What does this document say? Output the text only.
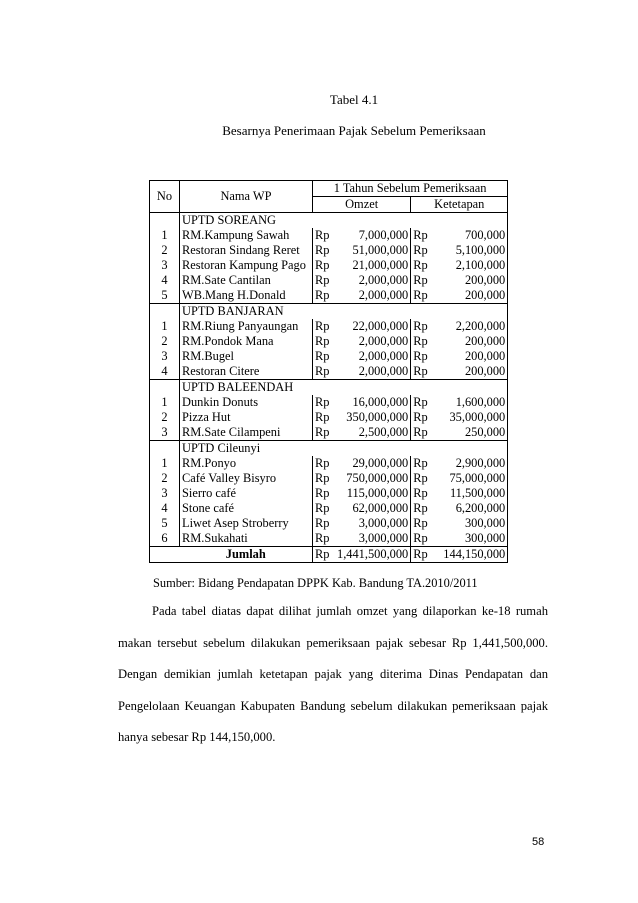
Tabel 4.1
Besarnya Penerimaan Pajak Sebelum Pemeriksaan
No	Nama WP	1 Tahun Sebelum Pemeriksaan			
		Omzet		Ketetapan	
	UPTD SOREANG				
1	RM.Kampung Sawah	Rp	7,000,000	Rp	700,000
2	Restoran Sindang Reret	Rp	51,000,000	Rp	5,100,000
3	Restoran Kampung Pago	Rp	21,000,000	Rp	2,100,000
4	RM.Sate Cantilan	Rp	2,000,000	Rp	200,000
5	WB.Mang H.Donald	Rp	2,000,000	Rp	200,000
	UPTD BANJARAN				
1	RM.Riung Panyaungan	Rp	22,000,000	Rp	2,200,000
2	RM.Pondok Mana	Rp	2,000,000	Rp	200,000
3	RM.Bugel	Rp	2,000,000	Rp	200,000
4	Restoran Citere	Rp	2,000,000	Rp	200,000
	UPTD BALEENDAH				
1	Dunkin Donuts	Rp	16,000,000	Rp	1,600,000
2	Pizza Hut	Rp	350,000,000	Rp	35,000,000
3	RM.Sate Cilampeni	Rp	2,500,000	Rp	250,000
	UPTD Cileunyi				
1	RM.Ponyo	Rp	29,000,000	Rp	2,900,000
2	Café Valley Bisyro	Rp	750,000,000	Rp	75,000,000
3	Sierro café	Rp	115,000,000	Rp	11,500,000
4	Stone café	Rp	62,000,000	Rp	6,200,000
5	Liwet Asep Stroberry	Rp	3,000,000	Rp	300,000
6	RM.Sukahati	Rp	3,000,000	Rp	300,000
	Jumlah	Rp	1,441,500,000	Rp	144,150,000
Sumber: Bidang Pendapatan DPPK Kab. Bandung TA.2010/2011

Pada tabel diatas dapat dilihat jumlah omzet yang dilaporkan ke-18 rumah makan tersebut sebelum dilakukan pemeriksaan pajak sebesar Rp 1,441,500,000. Dengan demikian jumlah ketetapan pajak yang diterima Dinas Pendapatan dan Pengelolaan Keuangan Kabupaten Bandung sebelum dilakukan pemeriksaan pajak hanya sebesar Rp 144,150,000.

58
